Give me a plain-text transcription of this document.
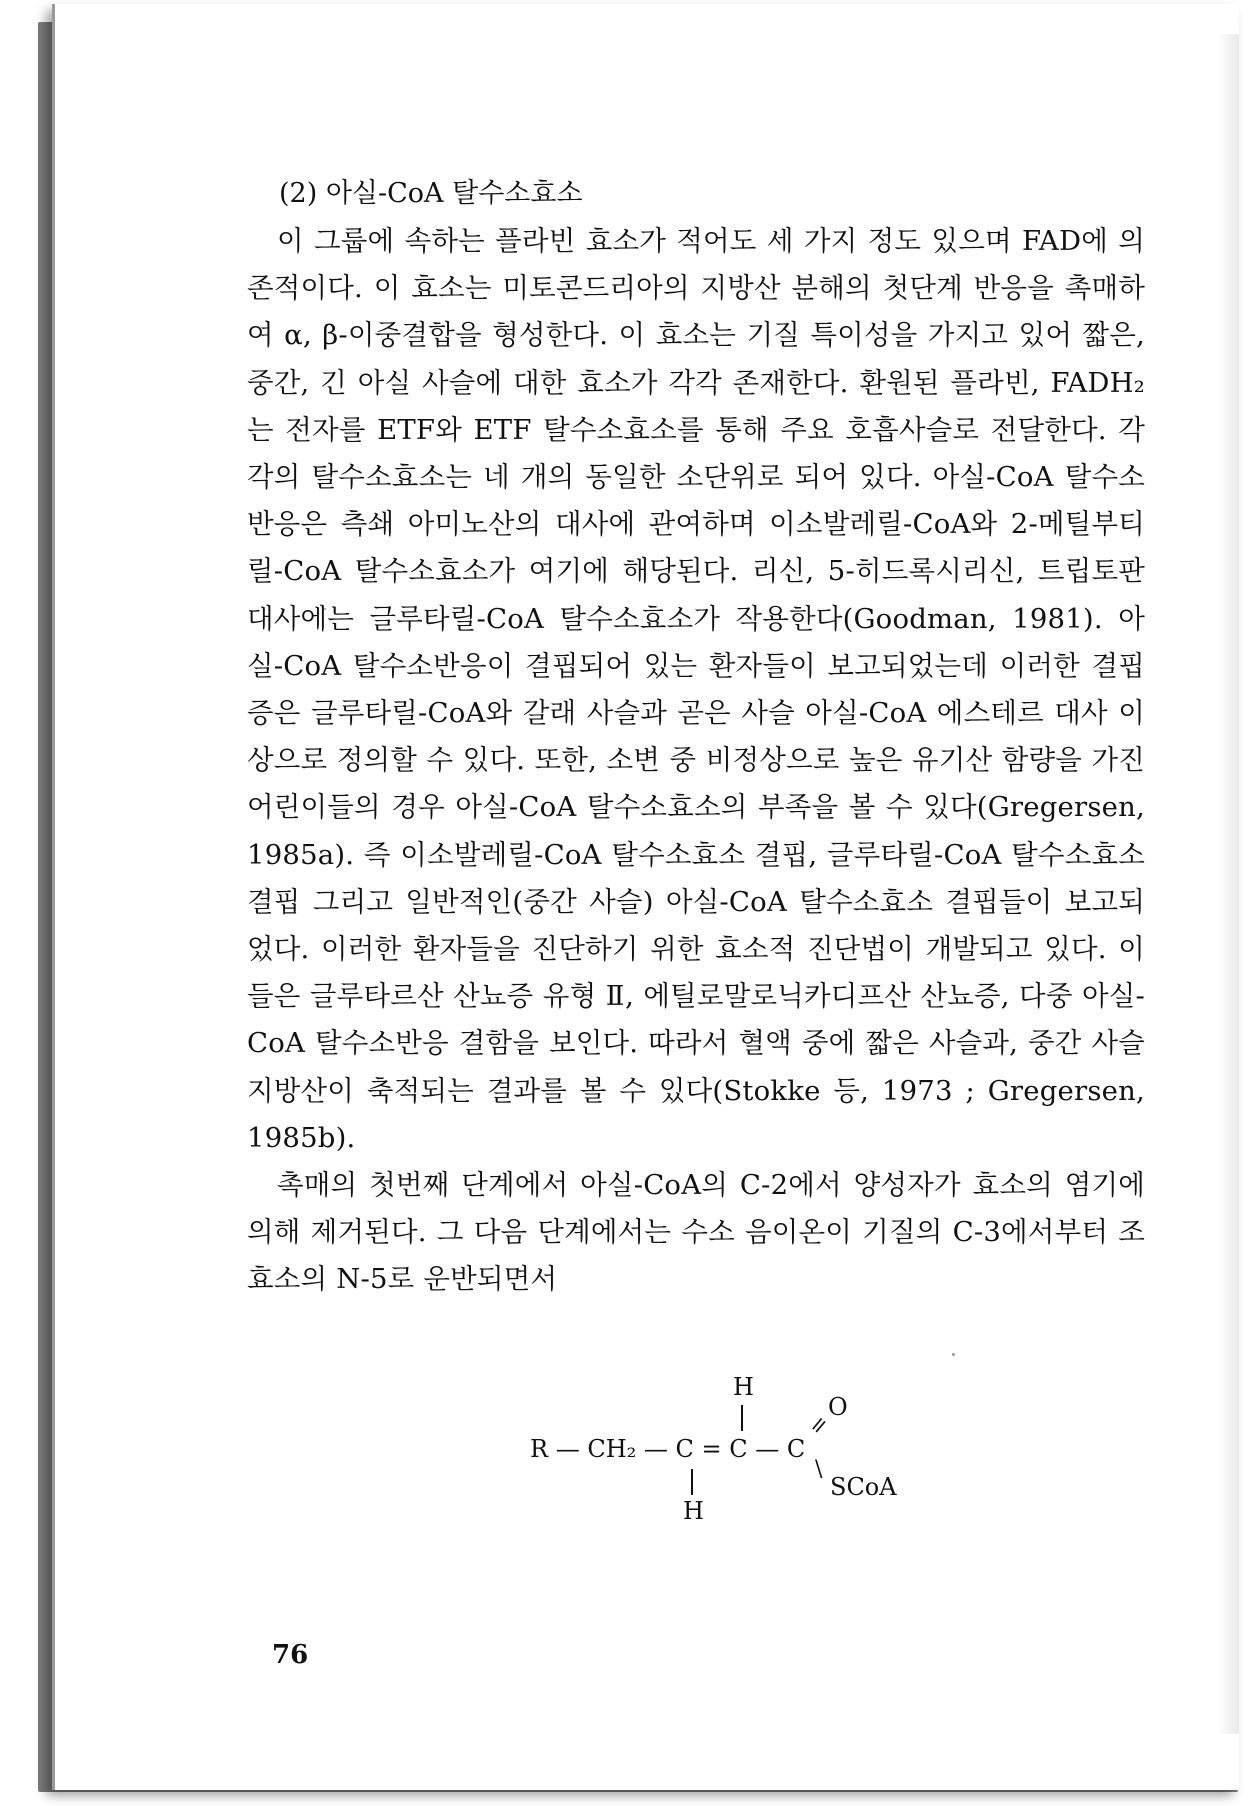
(2) 아실-CoA 탈수소효소

이 그룹에 속하는 플라빈 효소가 적어도 세 가지 정도 있으며 FAD에 의존적이다. 이 효소는 미토콘드리아의 지방산 분해의 첫단계 반응을 촉매하여 α, β-이중결합을 형성한다. 이 효소는 기질 특이성을 가지고 있어 짧은, 중간, 긴 아실 사슬에 대한 효소가 각각 존재한다. 환원된 플라빈, FADH₂는 전자를 ETF와 ETF 탈수소효소를 통해 주요 호흡사슬로 전달한다. 각각의 탈수소효소는 네 개의 동일한 소단위로 되어 있다. 아실-CoA 탈수소반응은 측쇄 아미노산의 대사에 관여하며 이소발레릴-CoA와 2-메틸부티릴-CoA 탈수소효소가 여기에 해당된다. 리신, 5-히드록시리신, 트립토판 대사에는 글루타릴-CoA 탈수소효소가 작용한다(Goodman, 1981). 아실-CoA 탈수소반응이 결핍되어 있는 환자들이 보고되었는데 이러한 결핍증은 글루타릴-CoA와 갈래 사슬과 곧은 사슬 아실-CoA 에스테르 대사 이상으로 정의할 수 있다. 또한, 소변 중 비정상으로 높은 유기산 함량을 가진 어린이들의 경우 아실-CoA 탈수소효소의 부족을 볼 수 있다(Gregersen, 1985a). 즉 이소발레릴-CoA 탈수소효소 결핍, 글루타릴-CoA 탈수소효소 결핍 그리고 일반적인(중간 사슬) 아실-CoA 탈수소효소 결핍들이 보고되었다. 이러한 환자들을 진단하기 위한 효소적 진단법이 개발되고 있다. 이들은 글루타르산 산뇨증 유형 Ⅱ, 에틸로말로닉카디프산 산뇨증, 다중 아실-CoA 탈수소반응 결함을 보인다. 따라서 혈액 중에 짧은 사슬과, 중간 사슬 지방산이 축적되는 결과를 볼 수 있다(Stokke 등, 1973 ; Gregersen, 1985b).

촉매의 첫번째 단계에서 아실-CoA의 C-2에서 양성자가 효소의 염기에 의해 제거된다. 그 다음 단계에서는 수소 음이온이 기질의 C-3에서부터 조효소의 N-5로 운반되면서

H
R — CH₂ — C = C — C
O
=
\
SCoA
H
76
